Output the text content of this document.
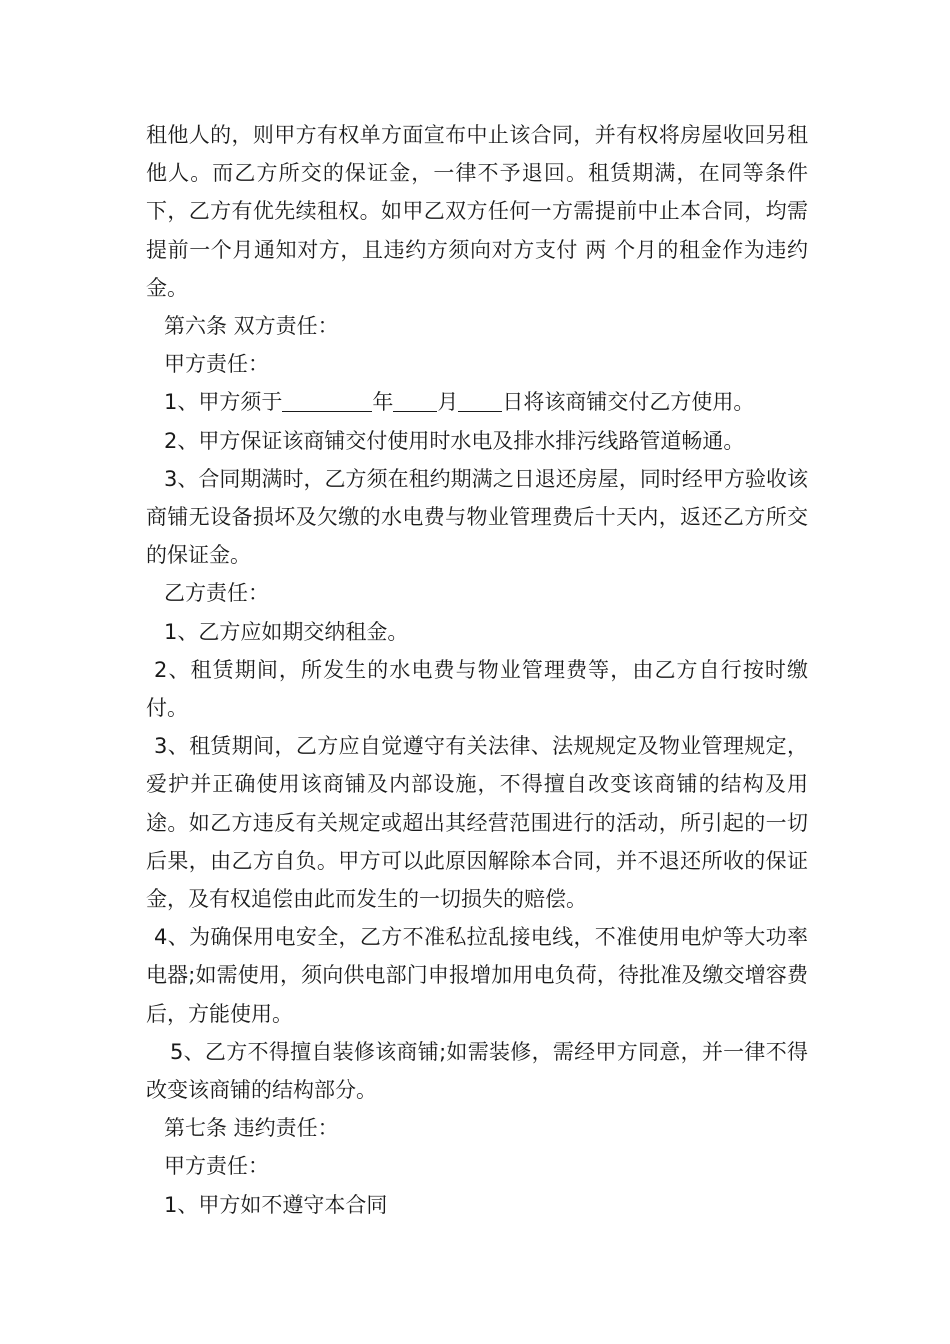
租他人的，则甲方有权单方面宣布中止该合同，并有权将房屋收回另租他人。而乙方所交的保证金，一律不予退回。租赁期满，在同等条件下，乙方有优先续租权。如甲乙双方任何一方需提前中止本合同，均需提前一个月通知对方，且违约方须向对方支付 两 个月的租金作为违约金。

第六条 双方责任：

甲方责任：

1、甲方须于	年 月 日将该商铺交付乙方使用。

2、甲方保证该商铺交付使用时水电及排水排污线路管道畅通。

3、合同期满时，乙方须在租约期满之日退还房屋，同时经甲方验收该商铺无设备损坏及欠缴的水电费与物业管理费后十天内，返还乙方所交的保证金。

乙方责任：

1、乙方应如期交纳租金。

2、租赁期间，所发生的水电费与物业管理费等，由乙方自行按时缴付。

3、租赁期间，乙方应自觉遵守有关法律、法规规定及物业管理规定，爱护并正确使用该商铺及内部设施，不得擅自改变该商铺的结构及用途。如乙方违反有关规定或超出其经营范围进行的活动，所引起的一切后果，由乙方自负。甲方可以此原因解除本合同，并不退还所收的保证金，及有权追偿由此而发生的一切损失的赔偿。

4、为确保用电安全，乙方不准私拉乱接电线，不准使用电炉等大功率电器;如需使用，须向供电部门申报增加用电负荷，待批准及缴交增容费后，方能使用。

5、乙方不得擅自装修该商铺;如需装修，需经甲方同意，并一律不得改变该商铺的结构部分。

第七条 违约责任：

甲方责任：

1、甲方如不遵守本合同
